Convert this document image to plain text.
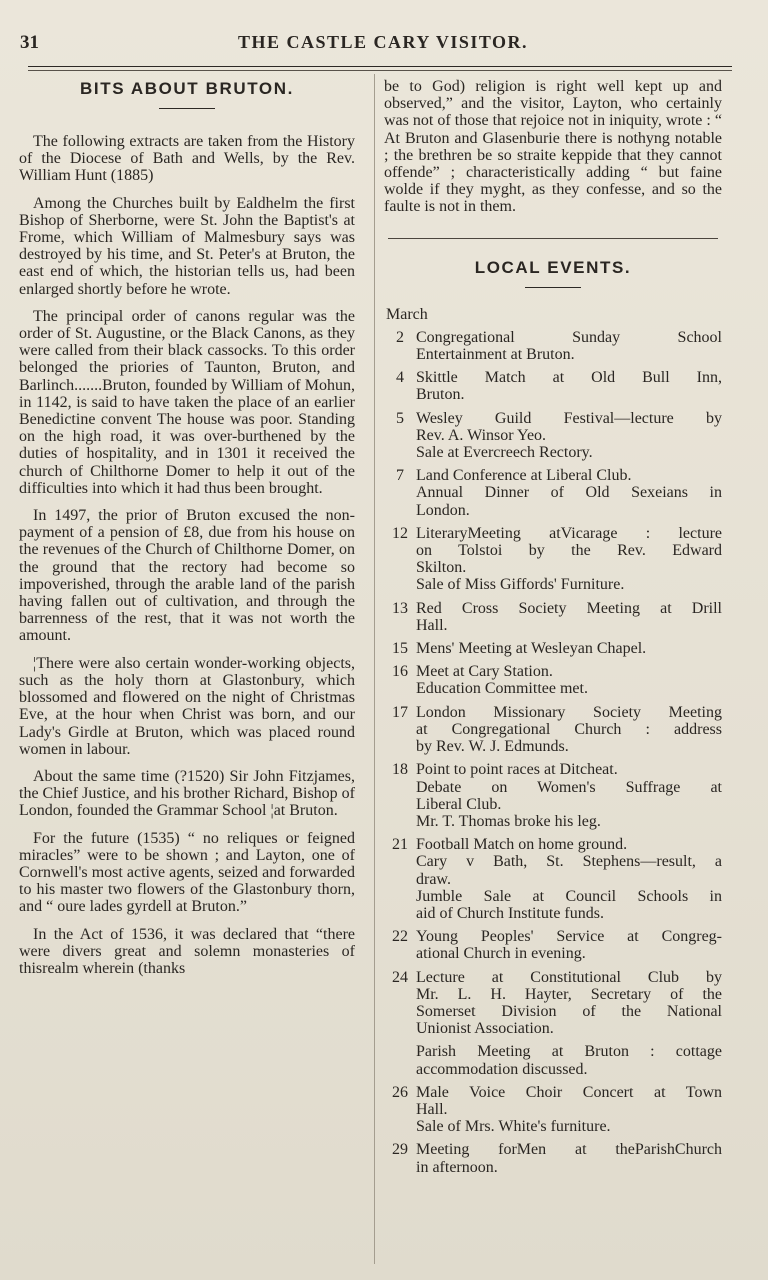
31	THE CASTLE CARY VISITOR.
BITS ABOUT BRUTON.

The following extracts are taken from the History of the Diocese of Bath and Wells, by the Rev. William Hunt (1885)

Among the Churches built by Ealdhelm the first Bishop of Sherborne, were St. John the Baptist's at Frome, which William of Malmesbury says was destroyed by his time, and St. Peter's at Bruton, the east end of which, the historian tells us, had been enlarged shortly before he wrote.

The principal order of canons regular was the order of St. Augustine, or the Black Canons, as they were called from their black cassocks. To this order belonged the priories of Taunton, Bruton, and Barlinch.......Bruton, founded by William of Mohun, in 1142, is said to have taken the place of an earlier Benedictine convent The house was poor. Standing on the high road, it was over-burthened by the duties of hospitality, and in 1301 it received the church of Chilthorne Domer to help it out of the difficulties into which it had thus been brought.

In 1497, the prior of Bruton excused the non-payment of a pension of £8, due from his house on the revenues of the Church of Chilthorne Domer, on the ground that the rectory had become so impoverished, through the arable land of the parish having fallen out of cultivation, and through the barrenness of the rest, that it was not worth the amount.

¦There were also certain wonder-working objects, such as the holy thorn at Glastonbury, which blossomed and flowered on the night of Christmas Eve, at the hour when Christ was born, and our Lady's Girdle at Bruton, which was placed round women in labour.

About the same time (?1520) Sir John Fitzjames, the Chief Justice, and his brother Richard, Bishop of London, founded the Grammar School ¦at Bruton.

For the future (1535) “ no reliques or feigned miracles” were to be shown ; and Layton, one of Cornwell's most active agents, seized and forwarded to his master two flowers of the Glastonbury thorn, and “ oure lades gyrdell at Bruton.”

In the Act of 1536, it was declared that “there were divers great and solemn monasteries of thisrealm wherein (thanks

be to God) religion is right well kept up and observed,” and the visitor, Layton, who certainly was not of those that rejoice not in iniquity, wrote : “ At Bruton and Glasenburie there is nothyng notable ; the brethren be so straite keppide that they cannot offende” ; characteristically adding “ but faine wolde if they myght, as they confesse, and so the faulte is not in them.

LOCAL EVENTS.
March
2 Congregational Sunday School
Entertainment at Bruton.
4 Skittle Match at Old Bull Inn,
Bruton.
5 Wesley Guild Festival—lecture by
Rev. A. Winsor Yeo.
Sale at Evercreech Rectory.
7 Land Conference at Liberal Club.
Annual Dinner of Old Sexeians in
London.
12 LiteraryMeeting atVicarage : lecture
on Tolstoi by the Rev. Edward
Skilton.
Sale of Miss Giffords' Furniture.
13 Red Cross Society Meeting at Drill
Hall.
15 Mens' Meeting at Wesleyan Chapel.
16 Meet at Cary Station.
Education Committee met.
17 London Missionary Society Meeting
at Congregational Church : address
by Rev. W. J. Edmunds.
18 Point to point races at Ditcheat.
Debate on Women's Suffrage at
Liberal Club.
Mr. T. Thomas broke his leg.
21 Football Match on home ground.
Cary v Bath, St. Stephens—result, a
draw.
Jumble Sale at Council Schools in
aid of Church Institute funds.
22 Young Peoples' Service at Congreg-
ational Church in evening.
24 Lecture at Constitutional Club by
Mr. L. H. Hayter, Secretary of the
Somerset Division of the National
Unionist Association.
Parish Meeting at Bruton : cottage
accommodation discussed.
26 Male Voice Choir Concert at Town
Hall.
Sale of Mrs. White's furniture.
29 Meeting forMen at theParishChurch
in afternoon.
